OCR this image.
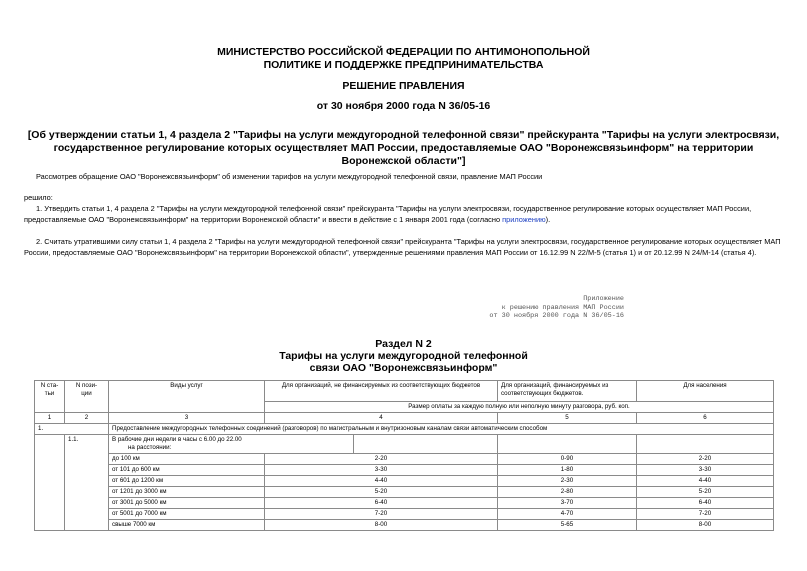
МИНИСТЕРСТВО РОССИЙСКОЙ ФЕДЕРАЦИИ ПО АНТИМОНОПОЛЬНОЙ
ПОЛИТИКЕ И ПОДДЕРЖКЕ ПРЕДПРИНИМАТЕЛЬСТВА
РЕШЕНИЕ ПРАВЛЕНИЯ
от 30 ноября 2000 года N 36/05-16
[Об утверждении статьи 1, 4 раздела 2 "Тарифы на услуги междугородной телефонной связи" прейскуранта "Тарифы на услуги электросвязи, государственное регулирование которых осуществляет МАП России, предоставляемые ОАО "Воронежсвязьинформ" на территории Воронежской области"]
Рассмотрев обращение ОАО "Воронежсвязьинформ" об изменении тарифов на услуги междугородной телефонной связи, правление МАП России
решило:
1. Утвердить статьи 1, 4 раздела 2 "Тарифы на услуги междугородной телефонной связи" прейскуранта "Тарифы на услуги электросвязи, государственное регулирование которых осуществляет МАП России, предоставляемые ОАО "Воронежсвязьинформ" на территории Воронежской области" и ввести в действие с 1 января 2001 года (согласно приложению).
2. Считать утратившими силу статьи 1, 4 раздела 2 "Тарифы на услуги междугородной телефонной связи" прейскуранта "Тарифы на услуги электросвязи, государственное регулирование которых осуществляет МАП России, предоставляемые ОАО "Воронежсвязьинформ" на территории Воронежской области", утвержденные решениями правления МАП России от 16.12.99 N 22/М-5 (статья 1) и от 20.12.99 N 24/М-14 (статья 4).
Приложение
к решению правления МАП России
от 30 ноября 2000 года N 36/05-16
Раздел N 2
Тарифы на услуги междугородной телефонной
связи ОАО "Воронежсвязьинформ"
N ста-
тьи	N пози-
ции	Виды услуг	Для организаций, не финансируемых из соответствующих бюджетов		Для организаций, финансируемых из соответствующих бюджетов.	Для населения
			Размер оплаты за каждую полную или неполную минуту разговора, руб. коп.			
1	2	3	4		5	6
1.		Предоставление междугородных телефонных соединений (разговоров) по магистральным и внутризоновым каналам связи автоматическим способом				
	1.1.	В рабочие дни недели в часы с 6.00 до 22.00
на расстоянии:				

		до 100 км	2-20		0-90	2-20
		от 101 до 600 км	3-30		1-80	3-30
		от 601 до 1200 км	4-40		2-30	4-40
		от 1201 до 3000 км	5-20		2-80	5-20
		от 3001 до 5000 км	6-40		3-70	6-40
		от 5001 до 7000 км	7-20		4-70	7-20
		свыше 7000 км	8-00		5-65	8-00
